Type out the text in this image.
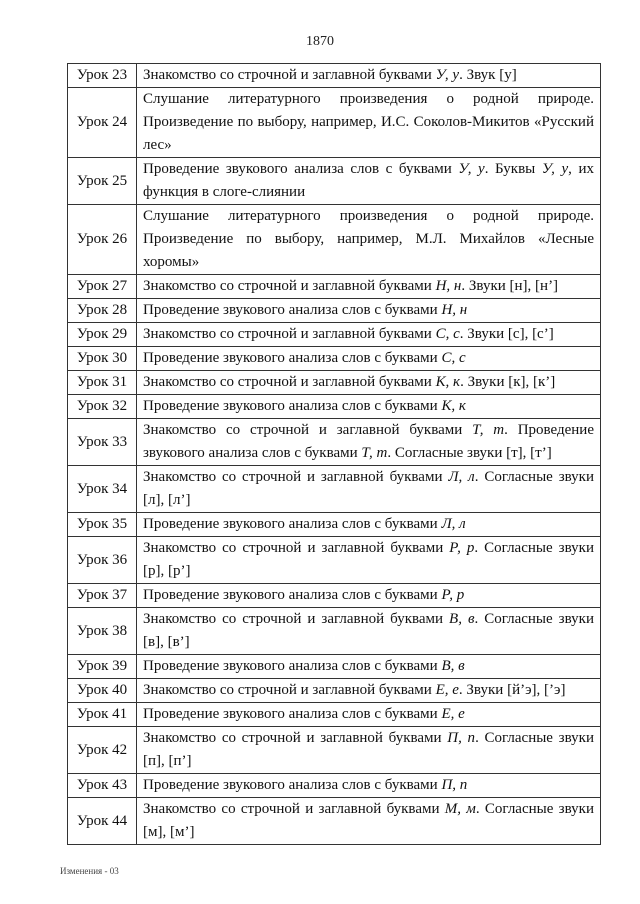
1870
Урок 23	Знакомство со строчной и заглавной буквами У, у. Звук [у]
Урок 24	Слушание литературного произведения о родной природе. Произведение по выбору, например, И.С. Соколов-Микитов «Русский лес»
Урок 25	Проведение звукового анализа слов с буквами У, у. Буквы У, у, их функция в слоге-слиянии
Урок 26	Слушание литературного произведения о родной природе. Произведение по выбору, например, М.Л. Михайлов «Лесные хоромы»
Урок 27	Знакомство со строчной и заглавной буквами Н, н. Звуки [н], [н’]
Урок 28	Проведение звукового анализа слов с буквами Н, н
Урок 29	Знакомство со строчной и заглавной буквами С, с. Звуки [с], [с’]
Урок 30	Проведение звукового анализа слов с буквами С, с
Урок 31	Знакомство со строчной и заглавной буквами К, к. Звуки [к], [к’]
Урок 32	Проведение звукового анализа слов с буквами К, к
Урок 33	Знакомство со строчной и заглавной буквами Т, т. Проведение звукового анализа слов с буквами Т, т. Согласные звуки [т], [т’]
Урок 34	Знакомство со строчной и заглавной буквами Л, л. Согласные звуки [л], [л’]
Урок 35	Проведение звукового анализа слов с буквами Л, л
Урок 36	Знакомство со строчной и заглавной буквами Р, р. Согласные звуки [р], [р’]
Урок 37	Проведение звукового анализа слов с буквами Р, р
Урок 38	Знакомство со строчной и заглавной буквами В, в. Согласные звуки [в], [в’]
Урок 39	Проведение звукового анализа слов с буквами В, в
Урок 40	Знакомство со строчной и заглавной буквами Е, е. Звуки [й’э], [’э]
Урок 41	Проведение звукового анализа слов с буквами Е, е
Урок 42	Знакомство со строчной и заглавной буквами П, п. Согласные звуки [п], [п’]
Урок 43	Проведение звукового анализа слов с буквами П, п
Урок 44	Знакомство со строчной и заглавной буквами М, м. Согласные звуки [м], [м’]
Изменения - 03
